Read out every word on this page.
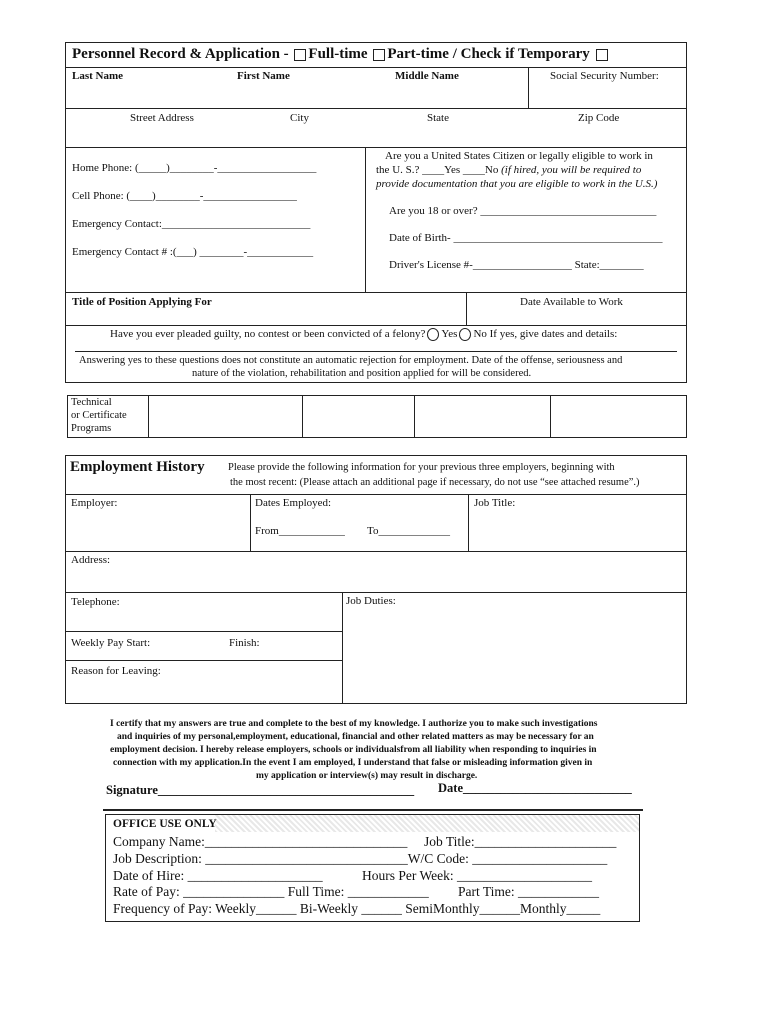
Personnel Record & Application - Full-time Part-time / Check if Temporary
Last Name	First Name	Middle Name	Social Security Number:
Street Address	City	State	Zip Code
Home Phone: (_____)________-__________________
Cell Phone: (____)________-_________________
Emergency Contact:___________________________
Emergency Contact # :(___) ________-____________
Are you a United States Citizen or legally eligible to work in
the U. S.? ____Yes ____No (if hired, you will be required to
provide documentation that you are eligible to work in the U.S.)
Are you 18 or over? ________________________________
Date of Birth- ______________________________________
Driver's License #-__________________ State:________
Title of Position Applying For	Date Available to Work
Have you ever pleaded guilty, no contest or been convicted of a felony? Yes No If yes, give dates and details:
Answering yes to these questions does not constitute an automatic rejection for employment. Date of the offense, seriousness and
nature of the violation, rehabilitation and position applied for will be considered.
Technical
or Certificate
Programs
Employment History Please provide the following information for your previous three employers, beginning with
the most recent: (Please attach an additional page if necessary, do not use “see attached resume”.)
Employer:	Dates Employed:	Job Title:
From____________ To_____________
Address:
Telephone:	Job Duties:
Weekly Pay Start:	Finish:
Reason for Leaving:
I certify that my answers are true and complete to the best of my knowledge. I authorize you to make such investigations
and inquiries of my personal,employment, educational, financial and other related matters as may be necessary for an
employment decision. I hereby release employers, schools or individualsfrom all liability when responding to inquiries in
connection with my application.In the event I am employed, I understand that false or misleading information given in
my application or interview(s) may result in discharge.
Signature_________________________________________ Date___________________________
OFFICE USE ONLY
Company Name:______________________________ Job Title:_____________________
Job Description: ______________________________W/C Code: ____________________
Date of Hire: ____________________	Hours Per Week: ____________________
Rate of Pay: _______________ Full Time: ____________ Part Time: ____________
Frequency of Pay: Weekly______ Bi-Weekly ______ SemiMonthly______Monthly_____
